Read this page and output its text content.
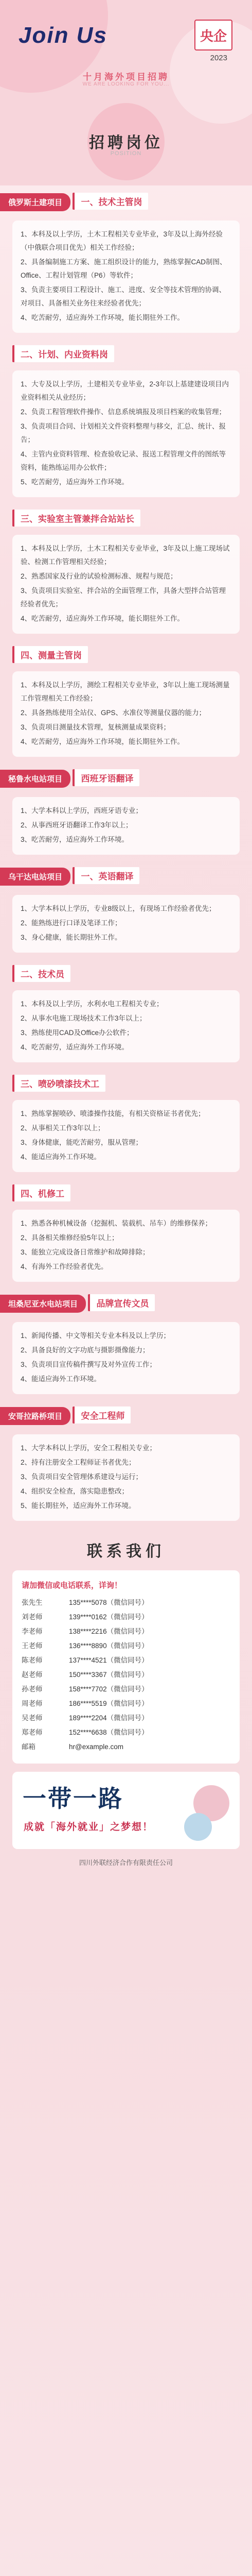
Join Us	央企
2023
十月海外项目招聘
WE ARE LOOKING FOR YOU...
招聘岗位
POSITION
俄罗斯土建项目 一、技术主管岗

1、本科及以上学历，土木工程相关专业毕业，3年及以上海外经验（中俄联合项目优先）相关工作经验；

2、具备编制施工方案、施工组织设计的能力，熟练掌握CAD制图、Office、工程计划管理（P6）等软件；

3、负责主要项目工程设计、施工、进度、安全等技术管理的协调、对项目、具备相关业务往来经验者优先；

4、吃苦耐劳，适应海外工作环境，能长期驻外工作。

二、计划、内业资料岗

1、大专及以上学历，土建相关专业毕业，2-3年以上基建建设项目内业资料相关从业经历；

2、负责工程管理软件操作、信息系统填报及项目档案的收集管理；

3、负责项目合同、计划相关文件资料整理与移交，汇总、统计、报告；

4、主管内业资料管理、检查验收记录、报送工程管理文件的图纸等资料，能熟练运用办公软件；

5、吃苦耐劳，适应海外工作环境。

三、实验室主管兼拌合站站长

1、本科及以上学历，土木工程相关专业毕业，3年及以上施工现场试验、检测工作管理相关经验；

2、熟悉国家及行业的试验检测标准、规程与规范；

3、负责项目实验室、拌合站的全面管理工作，具备大型拌合站管理经验者优先；

4、吃苦耐劳，适应海外工作环境，能长期驻外工作。

四、测量主管岗

1、本科及以上学历，测绘工程相关专业毕业，3年以上施工现场测量工作管理相关工作经验；

2、具备熟练使用全站仪、GPS、水准仪等测量仪器的能力；

3、负责项目测量技术管理，复核测量成果资料；

4、吃苦耐劳，适应海外工作环境，能长期驻外工作。

秘鲁水电站项目 西班牙语翻译

1、大学本科以上学历，西班牙语专业；

2、从事西班牙语翻译工作3年以上；

3、吃苦耐劳，适应海外工作环境。

乌干达电站项目 一、英语翻译

1、大学本科以上学历，专业8级以上，有现场工作经验者优先；

2、能熟练进行口译及笔译工作；

3、身心健康，能长期驻外工作。

二、技术员

1、本科及以上学历，水利水电工程相关专业；

2、从事水电施工现场技术工作3年以上；

3、熟练使用CAD及Office办公软件；

4、吃苦耐劳，适应海外工作环境。

三、喷砂喷漆技术工

1、熟练掌握喷砂、喷漆操作技能，有相关资格证书者优先；

2、从事相关工作3年以上；

3、身体健康，能吃苦耐劳，服从管理；

4、能适应海外工作环境。

四、机修工

1、熟悉各种机械设备（挖掘机、装载机、吊车）的维修保养；

2、具备相关维修经验5年以上；

3、能独立完成设备日常维护和故障排除；

4、有海外工作经验者优先。

坦桑尼亚水电站项目 品牌宣传文员

1、新闻传播、中文等相关专业本科及以上学历；

2、具备良好的文字功底与摄影摄像能力；

3、负责项目宣传稿件撰写及对外宣传工作；

4、能适应海外工作环境。

安哥拉路桥项目 安全工程师

1、大学本科以上学历，安全工程相关专业；

2、持有注册安全工程师证书者优先；

3、负责项目安全管理体系建设与运行；

4、组织安全检查，落实隐患整改；

5、能长期驻外，适应海外工作环境。

联系我们
请加微信或电话联系，详询！
张先生	135****5078（微信同号）
刘老师	139****0162（微信同号）
李老师	138****2216（微信同号）
王老师	136****8890（微信同号）
陈老师	137****4521（微信同号）
赵老师	150****3367（微信同号）
孙老师	158****7702（微信同号）
周老师	186****5519（微信同号）
吴老师	189****2204（微信同号）
郑老师	152****6638（微信同号）
邮箱	hr@example.com
一带一路
成就「海外就业」之梦想！
四川外联经济合作有限责任公司
